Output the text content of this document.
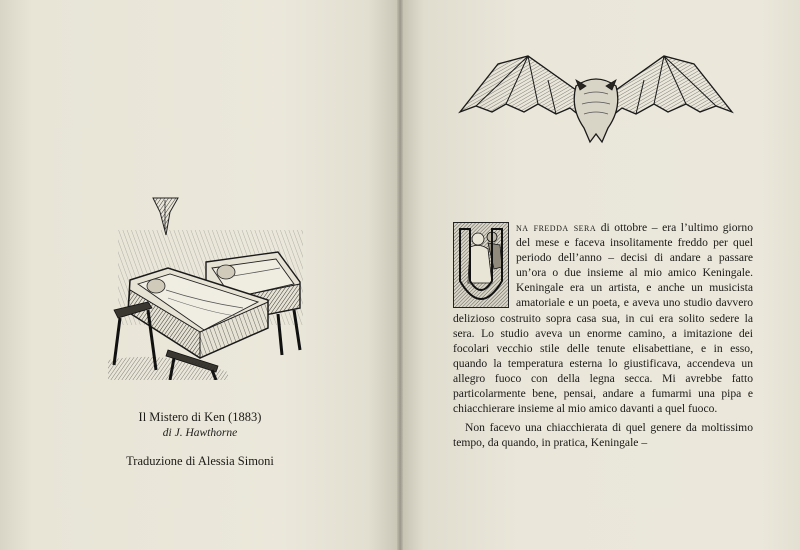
Il Mistero di Ken (1883)
di J. Hawthorne
Traduzione di Alessia Simoni

na fredda sera di ottobre – era l’ultimo giorno del mese e faceva insolitamente freddo per quel periodo dell’anno – decisi di andare a passare un’ora o due insieme al mio amico Keningale. Keningale era un artista, e anche un musicista amatoriale e un poeta, e aveva uno studio davvero delizioso costruito sopra casa sua, in cui era solito sedere la sera. Lo studio aveva un enorme camino, a imitazione dei focolari vecchio stile delle tenute elisabettiane, e in esso, quando la temperatura esterna lo giustificava, accendeva un allegro fuoco con della legna secca. Mi avrebbe fatto particolarmente bene, pensai, andare a fumarmi una pipa e chiacchierare insieme al mio amico davanti a quel fuoco.

Non facevo una chiacchierata di quel genere da moltissimo tempo, da quando, in pratica, Keningale –
